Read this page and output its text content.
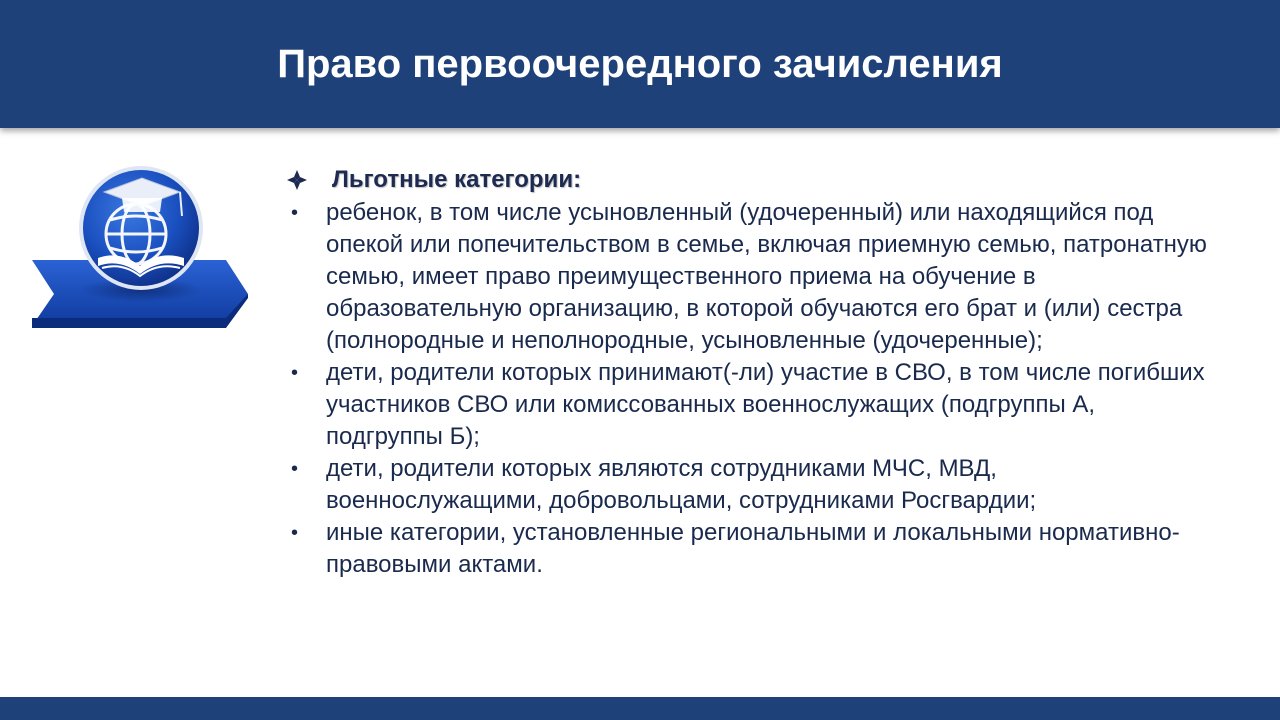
Право первоочередного зачисления
Льготные категории:
• ребенок, в том числе усыновленный (удочеренный) или находящийся под опекой или попечительством в семье, включая приемную семью, патронатную семью, имеет право преимущественного приема на обучение в образовательную организацию, в которой обучаются его брат и (или) сестра (полнородные и неполнородные, усыновленные (удочеренные);
• дети, родители которых принимают(-ли) участие в СВО, в том числе погибших участников СВО или комиссованных военнослужащих (подгруппы А, подгруппы Б);
• дети, родители которых являются сотрудниками МЧС, МВД, военнослужащими, добровольцами, сотрудниками Росгвардии;
• иные категории, установленные региональными и локальными нормативно-правовыми актами.
